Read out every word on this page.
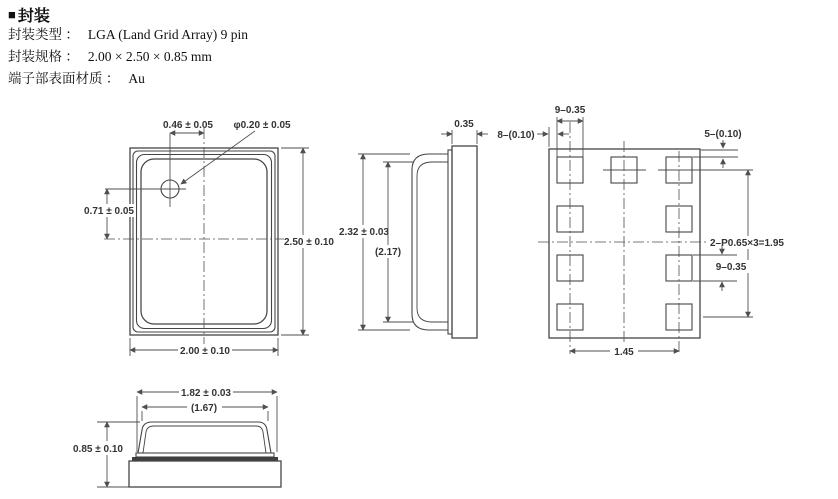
■ 封装
封装类型 ： LGA (Land Grid Array) 9 pin
封装规格 ： 2.00 × 2.50 × 0.85 mm
端子部表面材质 ： Au
0.46 ± 0.05 φ0.20 ± 0.05
0.71 ± 0.05
2.50 ± 0.10
2.00 ± 0.10
0.35
2.32 ± 0.03
(2.17)
9–0.35
8–(0.10)	5–(0.10)
2–P0.65×3=1.95
9–0.35
1.45
1.82 ± 0.03
(1.67)
0.85 ± 0.10
